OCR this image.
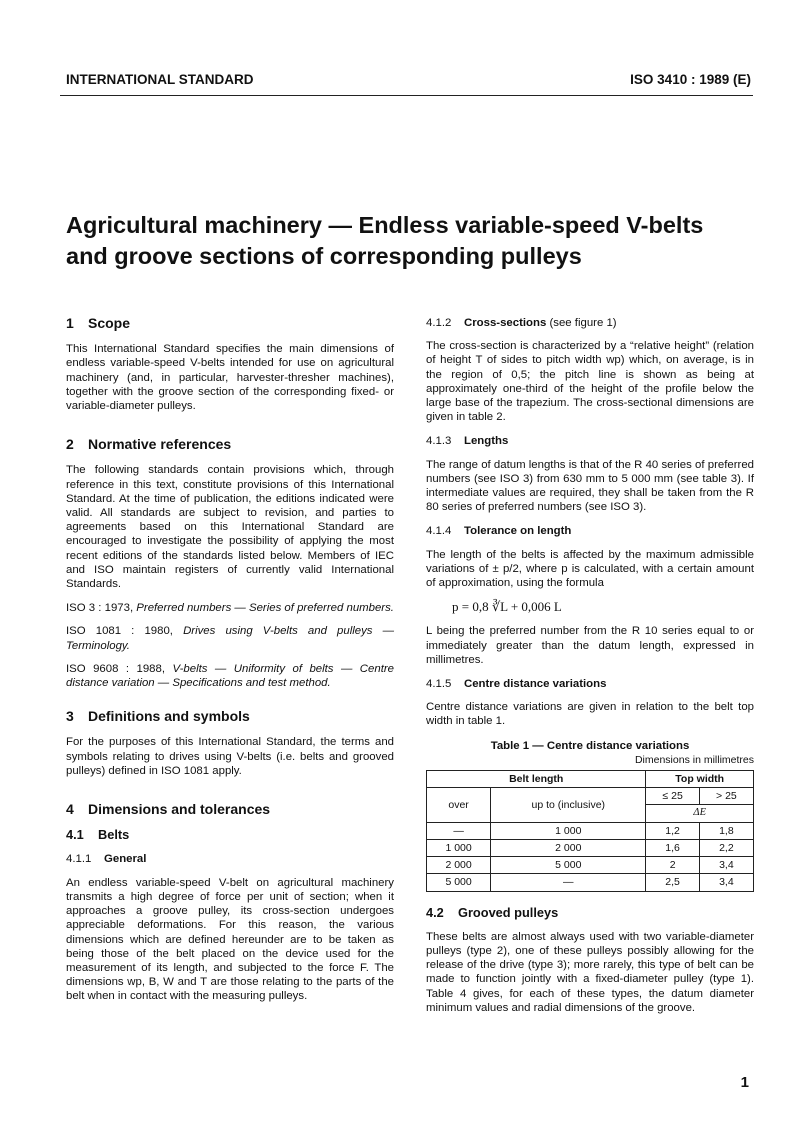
INTERNATIONAL STANDARD	ISO 3410 : 1989 (E)
Agricultural machinery — Endless variable-speed V-belts
and groove sections of corresponding pulleys
1 Scope

This International Standard specifies the main dimensions of endless variable-speed V-belts intended for use on agricultural machinery (and, in particular, harvester-thresher machines), together with the groove section of the corresponding fixed- or variable-diameter pulleys.

2 Normative references

The following standards contain provisions which, through reference in this text, constitute provisions of this International Standard. At the time of publication, the editions indicated were valid. All standards are subject to revision, and parties to agreements based on this International Standard are encouraged to investigate the possibility of applying the most recent editions of the standards listed below. Members of IEC and ISO maintain registers of currently valid International Standards.

ISO 3 : 1973, Preferred numbers — Series of preferred numbers.

ISO 1081 : 1980, Drives using V-belts and pulleys — Terminology.

ISO 9608 : 1988, V-belts — Uniformity of belts — Centre distance variation — Specifications and test method.

3 Definitions and symbols

For the purposes of this International Standard, the terms and symbols relating to drives using V-belts (i.e. belts and grooved pulleys) defined in ISO 1081 apply.

4 Dimensions and tolerances
4.1 Belts
4.1.1 General

An endless variable-speed V-belt on agricultural machinery transmits a high degree of force per unit of section; when it approaches a groove pulley, its cross-section undergoes appreciable deformations. For this reason, the various dimensions which are defined hereunder are to be taken as being those of the belt placed on the device used for the measurement of its length, and subjected to the force F. The dimensions wp, B, W and T are those relating to the parts of the belt when in contact with the measuring pulleys.

4.1.2 Cross-sections (see figure 1)

The cross-section is characterized by a “relative height” (relation of height T of sides to pitch width wp) which, on average, is in the region of 0,5; the pitch line is shown as being at approximately one-third of the height of the profile below the large base of the trapezium. The cross-sectional dimensions are given in table 2.

4.1.3 Lengths

The range of datum lengths is that of the R 40 series of preferred numbers (see ISO 3) from 630 mm to 5 000 mm (see table 3). If intermediate values are required, they shall be taken from the R 80 series of preferred numbers (see ISO 3).

4.1.4 Tolerance on length

The length of the belts is affected by the maximum admissible variations of ± p/2, where p is calculated, with a certain amount of approximation, using the formula

p = 0,8 ∛L + 0,006 L

L being the preferred number from the R 10 series equal to or immediately greater than the datum length, expressed in millimetres.

4.1.5 Centre distance variations

Centre distance variations are given in relation to the belt top width in table 1.

Table 1 — Centre distance variations
Dimensions in millimetres
Belt length		Top width	
over	up to (inclusive)	≤ 25	> 25
		ΔE	
—	1 000	1,2	1,8
1 000	2 000	1,6	2,2
2 000	5 000	2	3,4
5 000	—	2,5	3,4
4.2 Grooved pulleys

These belts are almost always used with two variable-diameter pulleys (type 2), one of these pulleys possibly allowing for the release of the drive (type 3); more rarely, this type of belt can be made to function jointly with a fixed-diameter pulley (type 1). Table 4 gives, for each of these types, the datum diameter minimum values and radial dimensions of the groove.

1
